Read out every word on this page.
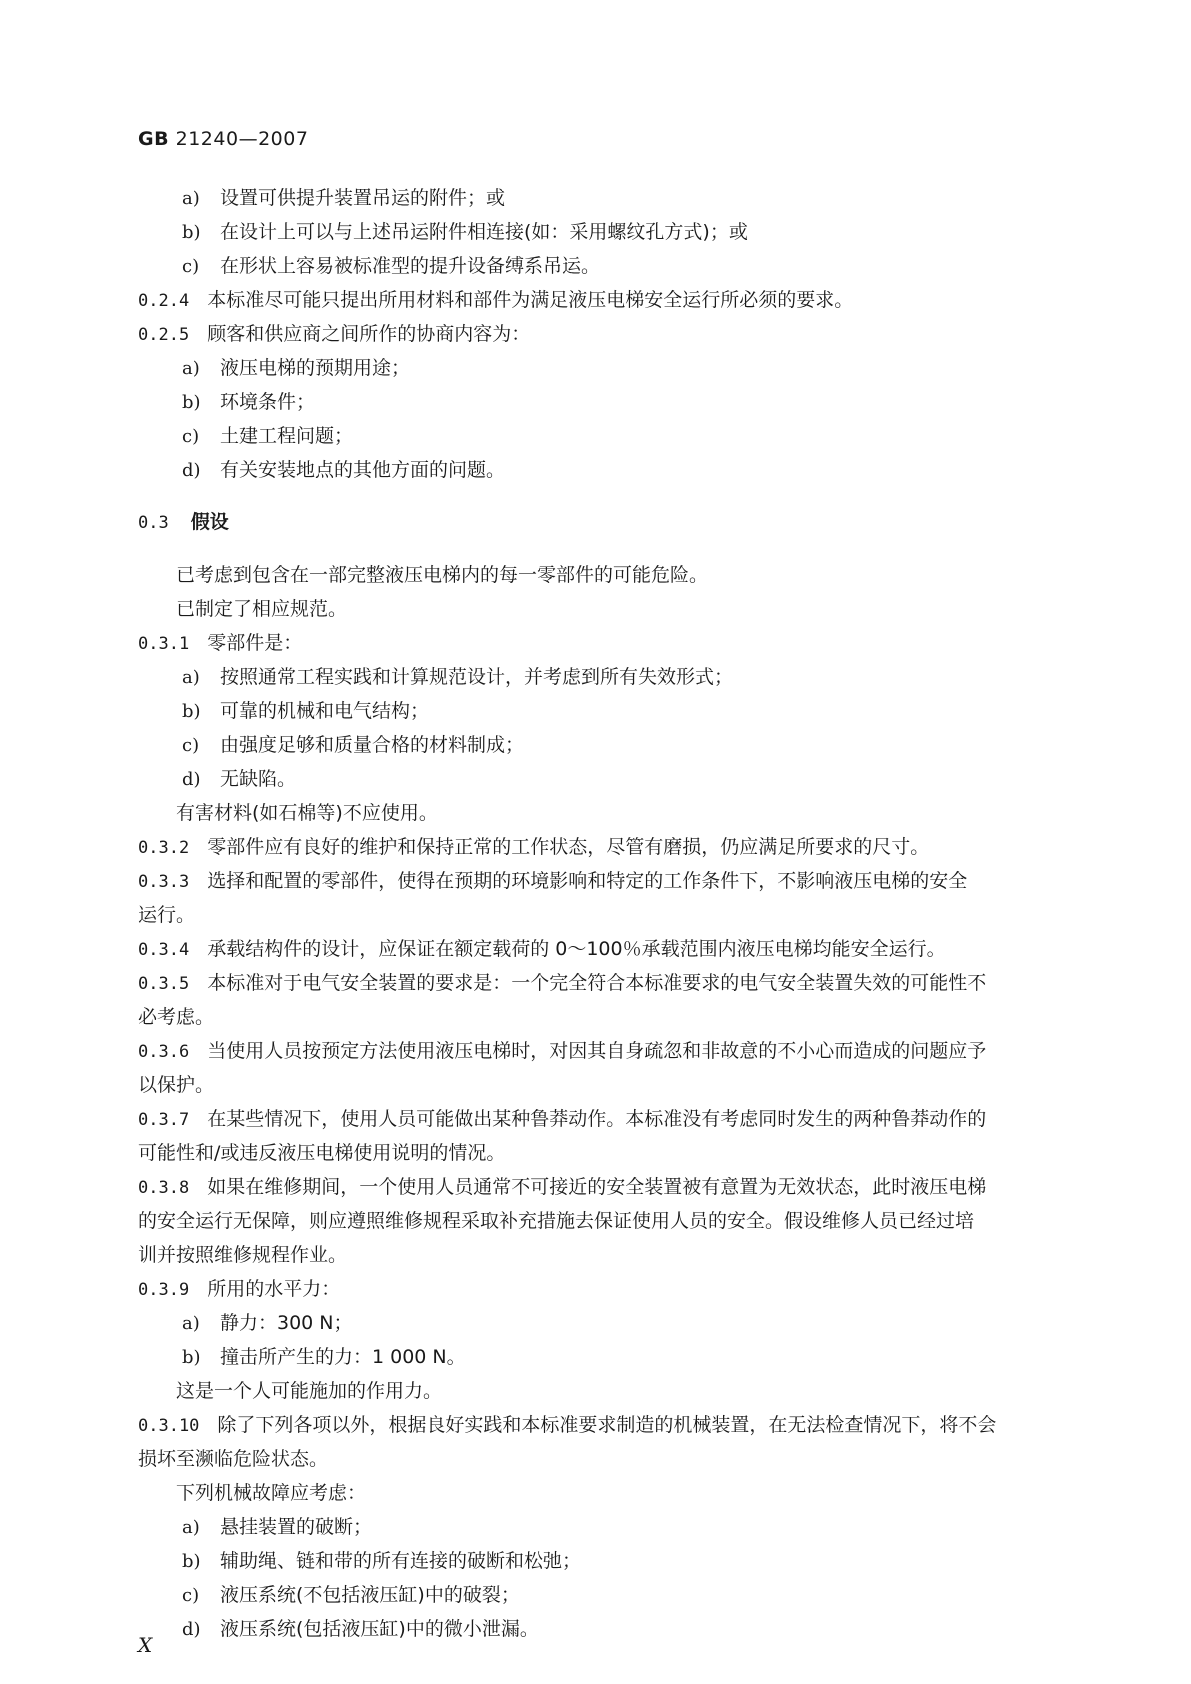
GB 21240—2007
a) 设置可供提升装置吊运的附件；或
b) 在设计上可以与上述吊运附件相连接(如：采用螺纹孔方式)；或
c) 在形状上容易被标准型的提升设备缚系吊运。
0.2.4 本标准尽可能只提出所用材料和部件为满足液压电梯安全运行所必须的要求。
0.2.5 顾客和供应商之间所作的协商内容为：
a) 液压电梯的预期用途；
b) 环境条件；
c) 土建工程问题；
d) 有关安装地点的其他方面的问题。
0.3 假设
已考虑到包含在一部完整液压电梯内的每一零部件的可能危险。
已制定了相应规范。
0.3.1 零部件是：
a) 按照通常工程实践和计算规范设计，并考虑到所有失效形式；
b) 可靠的机械和电气结构；
c) 由强度足够和质量合格的材料制成；
d) 无缺陷。
有害材料(如石棉等)不应使用。
0.3.2 零部件应有良好的维护和保持正常的工作状态，尽管有磨损，仍应满足所要求的尺寸。
0.3.3 选择和配置的零部件，使得在预期的环境影响和特定的工作条件下，不影响液压电梯的安全
运行。
0.3.4 承载结构件的设计，应保证在额定载荷的 0～100％承载范围内液压电梯均能安全运行。
0.3.5 本标准对于电气安全装置的要求是：一个完全符合本标准要求的电气安全装置失效的可能性不
必考虑。
0.3.6 当使用人员按预定方法使用液压电梯时，对因其自身疏忽和非故意的不小心而造成的问题应予
以保护。
0.3.7 在某些情况下，使用人员可能做出某种鲁莽动作。本标准没有考虑同时发生的两种鲁莽动作的
可能性和/或违反液压电梯使用说明的情况。
0.3.8 如果在维修期间，一个使用人员通常不可接近的安全装置被有意置为无效状态，此时液压电梯
的安全运行无保障，则应遵照维修规程采取补充措施去保证使用人员的安全。假设维修人员已经过培
训并按照维修规程作业。
0.3.9 所用的水平力：
a) 静力：300 N；
b) 撞击所产生的力：1 000 N。
这是一个人可能施加的作用力。
0.3.10 除了下列各项以外，根据良好实践和本标准要求制造的机械装置，在无法检查情况下，将不会
损坏至濒临危险状态。
下列机械故障应考虑：
a) 悬挂装置的破断；
b) 辅助绳、链和带的所有连接的破断和松弛；
c) 液压系统(不包括液压缸)中的破裂；
d) 液压系统(包括液压缸)中的微小泄漏。
X
